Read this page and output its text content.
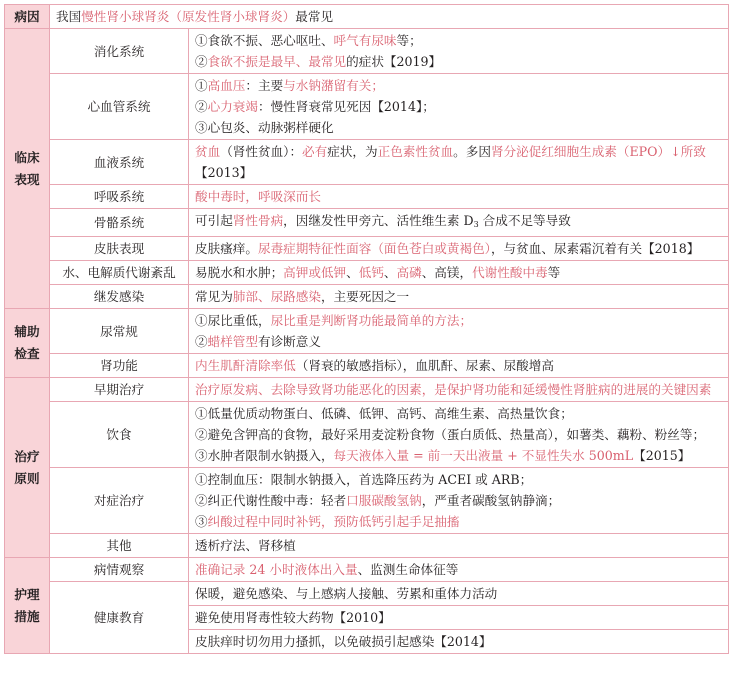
病因	我国慢性肾小球肾炎（原发性肾小球肾炎）最常见	

临床
表现	消化系统	①食欲不振、恶心呕吐、呼气有尿味等；
②食欲不振是最早、最常见的症状【2019】

	心血管系统	①高血压：主要与水钠潴留有关；
②心力衰竭：慢性肾衰常见死因【2014】；
③心包炎、动脉粥样硬化

	血液系统	贫血（肾性贫血）：必有症状，为正色素性贫血。多因肾分泌促红细胞生成素（EPO）↓所致【2013】

	呼吸系统	酸中毒时，呼吸深而长

	骨骼系统	可引起肾性骨病，因继发性甲旁亢、活性维生素 $D_3$ 合成不足等导致

	皮肤表现	皮肤瘙痒。尿毒症期特征性面容（面色苍白或黄褐色），与贫血、尿素霜沉着有关【2018】

	水、电解质代谢紊乱	易脱水和水肿；高钾或低钾、低钙、高磷、高镁，代谢性酸中毒等

	继发感染	常见为肺部、尿路感染，主要死因之一

辅助
检查	尿常规	①尿比重低，尿比重是判断肾功能最简单的方法；
②蜡样管型有诊断意义

	肾功能	内生肌酐清除率低（肾衰的敏感指标），血肌酐、尿素、尿酸增高

治疗
原则	早期治疗	治疗原发病、去除导致肾功能恶化的因素，是保护肾功能和延缓慢性肾脏病的进展的关键因素

	饮食	①低量优质动物蛋白、低磷、低钾、高钙、高维生素、高热量饮食；
②避免含钾高的食物，最好采用麦淀粉食物（蛋白质低、热量高），如薯类、藕粉、粉丝等；
③水肿者限制水钠摄入，每天液体入量 = 前一天出液量 + 不显性失水 500mL【2015】

	对症治疗	①控制血压：限制水钠摄入，首选降压药为 ACEI 或 ARB；
②纠正代谢性酸中毒：轻者口服碳酸氢钠，严重者碳酸氢钠静滴；
③纠酸过程中同时补钙，预防低钙引起手足抽搐

	其他	透析疗法、肾移植

护理
措施	病情观察	准确记录 24 小时液体出入量、监测生命体征等

	健康教育	保暖，避免感染、与上感病人接触、劳累和重体力活动

		避免使用肾毒性较大药物【2010】

		皮肤痒时切勿用力搔抓，以免破损引起感染【2014】
